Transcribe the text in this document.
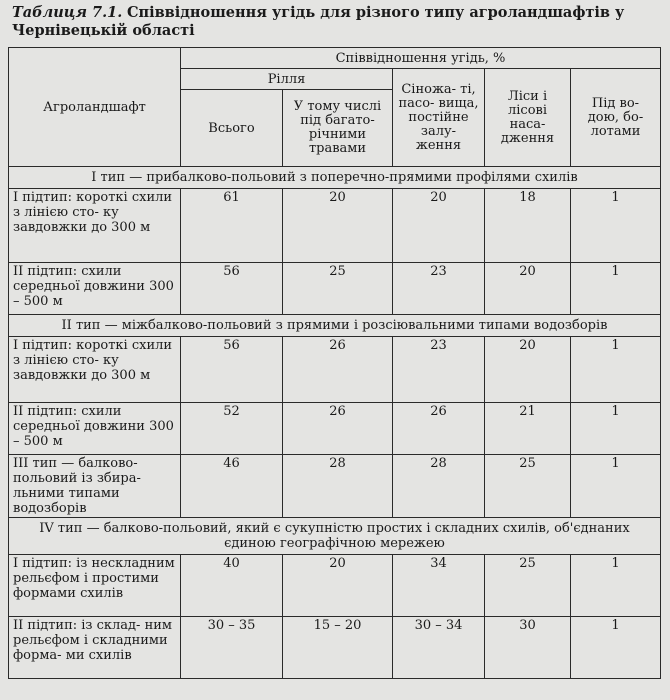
Таблиця 7.1. Співвідношення угідь для різного типу агроландшафтів у Чернівецькій області
Агроландшафт	Співвідношення угідь, %				
	Рілля		Сіножа- ті, пасо- вища, постійне залу- ження	Ліси і лісові наса- дження	Під во- дою, бо- лотами
	Всього	У тому числі під багато- річними травами			
I тип — прибалково-польовий з поперечно-прямими профілями схилів					
I підтип: короткі схили з лінією сто- ку завдовжки до 300 м	61	20	20	18	1
II підтип: схили середньої довжини 300 – 500 м	56	25	23	20	1
II тип — міжбалково-польовий з прямими і розсіювальними типами водозборів					
I підтип: короткі схили з лінією сто- ку завдовжки до 300 м	56	26	23	20	1
II підтип: схили середньої довжини 300 – 500 м	52	26	26	21	1
III тип — балково- польовий із збира- льними типами водозборів	46	28	28	25	1
IV тип — балково-польовий, який є сукупністю простих і складних схилів, об'єднаних єдиною географічною мережею					
I підтип: із нескладним рельєфом і простими формами схилів	40	20	34	25	1
II підтип: із склад- ним рельєфом і складними форма- ми схилів	30 – 35	15 – 20	30 – 34	30	1
